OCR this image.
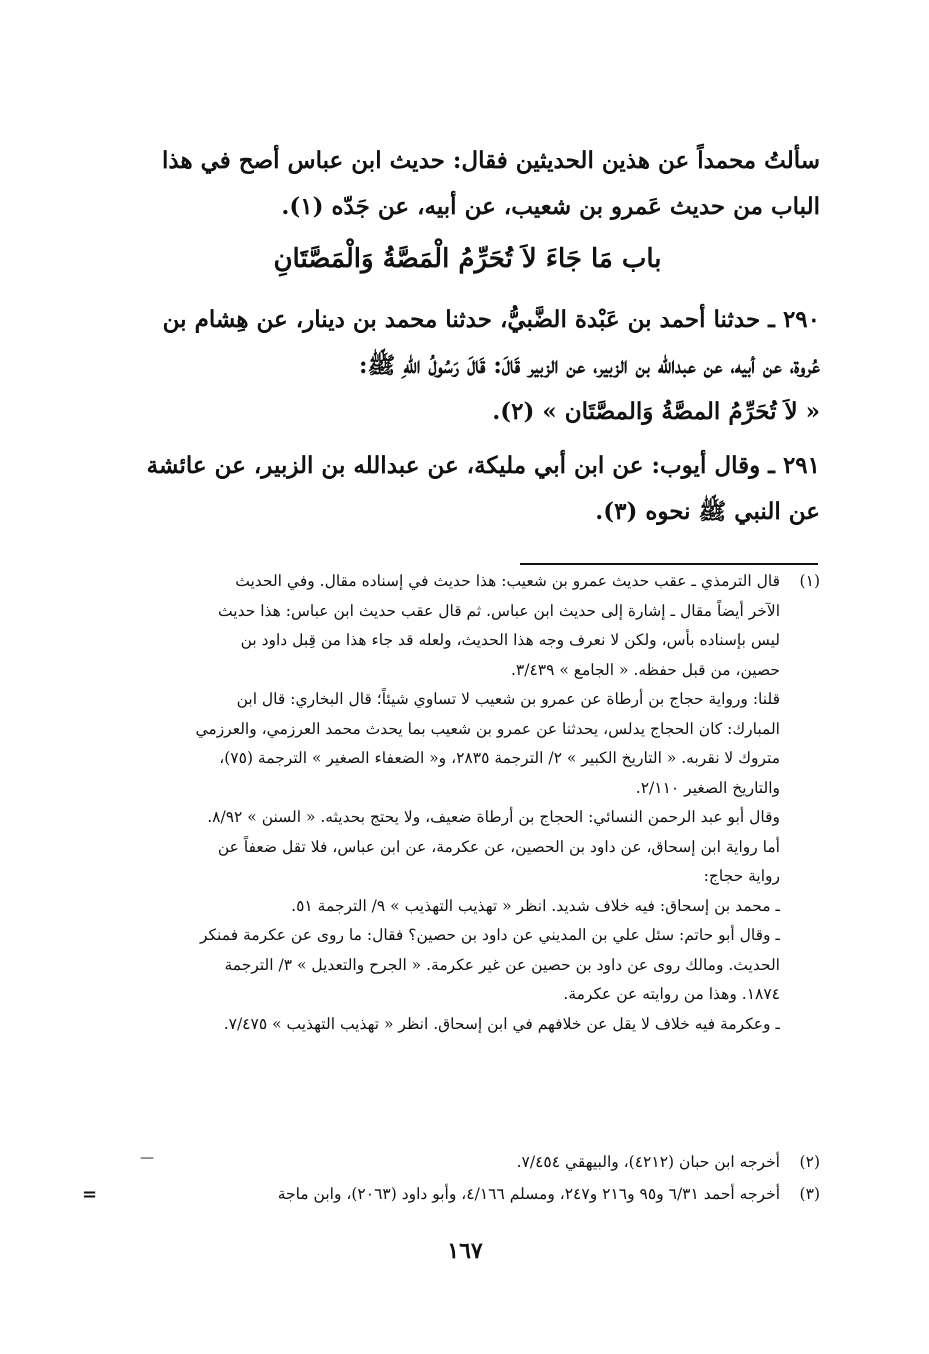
سألتُ محمداً عن هذين الحديثين فقال: حديث ابن عباس أصح في هذا
الباب من حديث عَمرو بن شعيب، عن أبيه، عن جَدّه (١).
باب مَا جَاءَ لاَ تُحَرِّمُ الْمَصَّةُ وَالْمَصَّتَانِ
٢٩٠ ـ حدثنا أحمد بن عَبْدة الضَّبيُّ، حدثنا محمد بن دينار، عن هِشام بن
عُروة، عن أبيه، عن عبدالله بن الزبير، عن الزبير قَالَ: قَالَ رَسُولُ اللهِ ﷺ:
« لاَ تُحَرِّمُ المصَّةُ وَالمصَّتَان » (٢).
٢٩١ ـ وقال أيوب: عن ابن أبي مليكة، عن عبدالله بن الزبير، عن عائشة
عن النبي ﷺ نحوه (٣).
(١)
قال الترمذي ـ عقب حديث عمرو بن شعيب: هذا حديث في إسناده مقال. وفي الحديث
الآخر أيضاً مقال ـ إشارة إلى حديث ابن عباس. ثم قال عقب حديث ابن عباس: هذا حديث
ليس بإسناده بأس، ولكن لا نعرف وجه هذا الحديث، ولعله قد جاء هذا من قِبل داود بن
حصين، من قبل حفظه. « الجامع » ٣/٤٣٩.
قلنا: ورواية حجاج بن أرطاة عن عمرو بن شعيب لا تساوي شيئاً؛ قال البخاري: قال ابن
المبارك: كان الحجاج يدلس، يحدثنا عن عمرو بن شعيب بما يحدث محمد العرزمي، والعرزمي
متروك لا نقربه. « التاريخ الكبير » ٢/ الترجمة ٢٨٣٥، و« الضعفاء الصغير » الترجمة (٧٥)،
والتاريخ الصغير ٢/١١٠.
وقال أبو عبد الرحمن النسائي: الحجاج بن أرطاة ضعيف، ولا يحتج بحديثه. « السنن » ٨/٩٢.
أما رواية ابن إسحاق، عن داود بن الحصين، عن عكرمة، عن ابن عباس، فلا تقل ضعفاً عن
رواية حجاج:
ـ محمد بن إسحاق: فيه خلاف شديد. انظر « تهذيب التهذيب » ٩/ الترجمة ٥١.
ـ وقال أبو حاتم: سئل علي بن المديني عن داود بن حصين؟ فقال: ما روى عن عكرمة فمنكر
الحديث. ومالك روى عن داود بن حصين عن غير عكرمة. « الجرح والتعديل » ٣/ الترجمة
١٨٧٤. وهذا من روايته عن عكرمة.
ـ وعكرمة فيه خلاف لا يقل عن خلافهم في ابن إسحاق. انظر « تهذيب التهذيب » ٧/٤٧٥.
(٢)
أخرجه ابن حبان (٤٢١٢)، والبيهقي ٧/٤٥٤.
—
(٣)
أخرجه أحمد ٦/٣١ و٩٥ و٢١٦ و٢٤٧، ومسلم ٤/١٦٦، وأبو داود (٢٠٦٣)، وابن ماجة
=
١٦٧
